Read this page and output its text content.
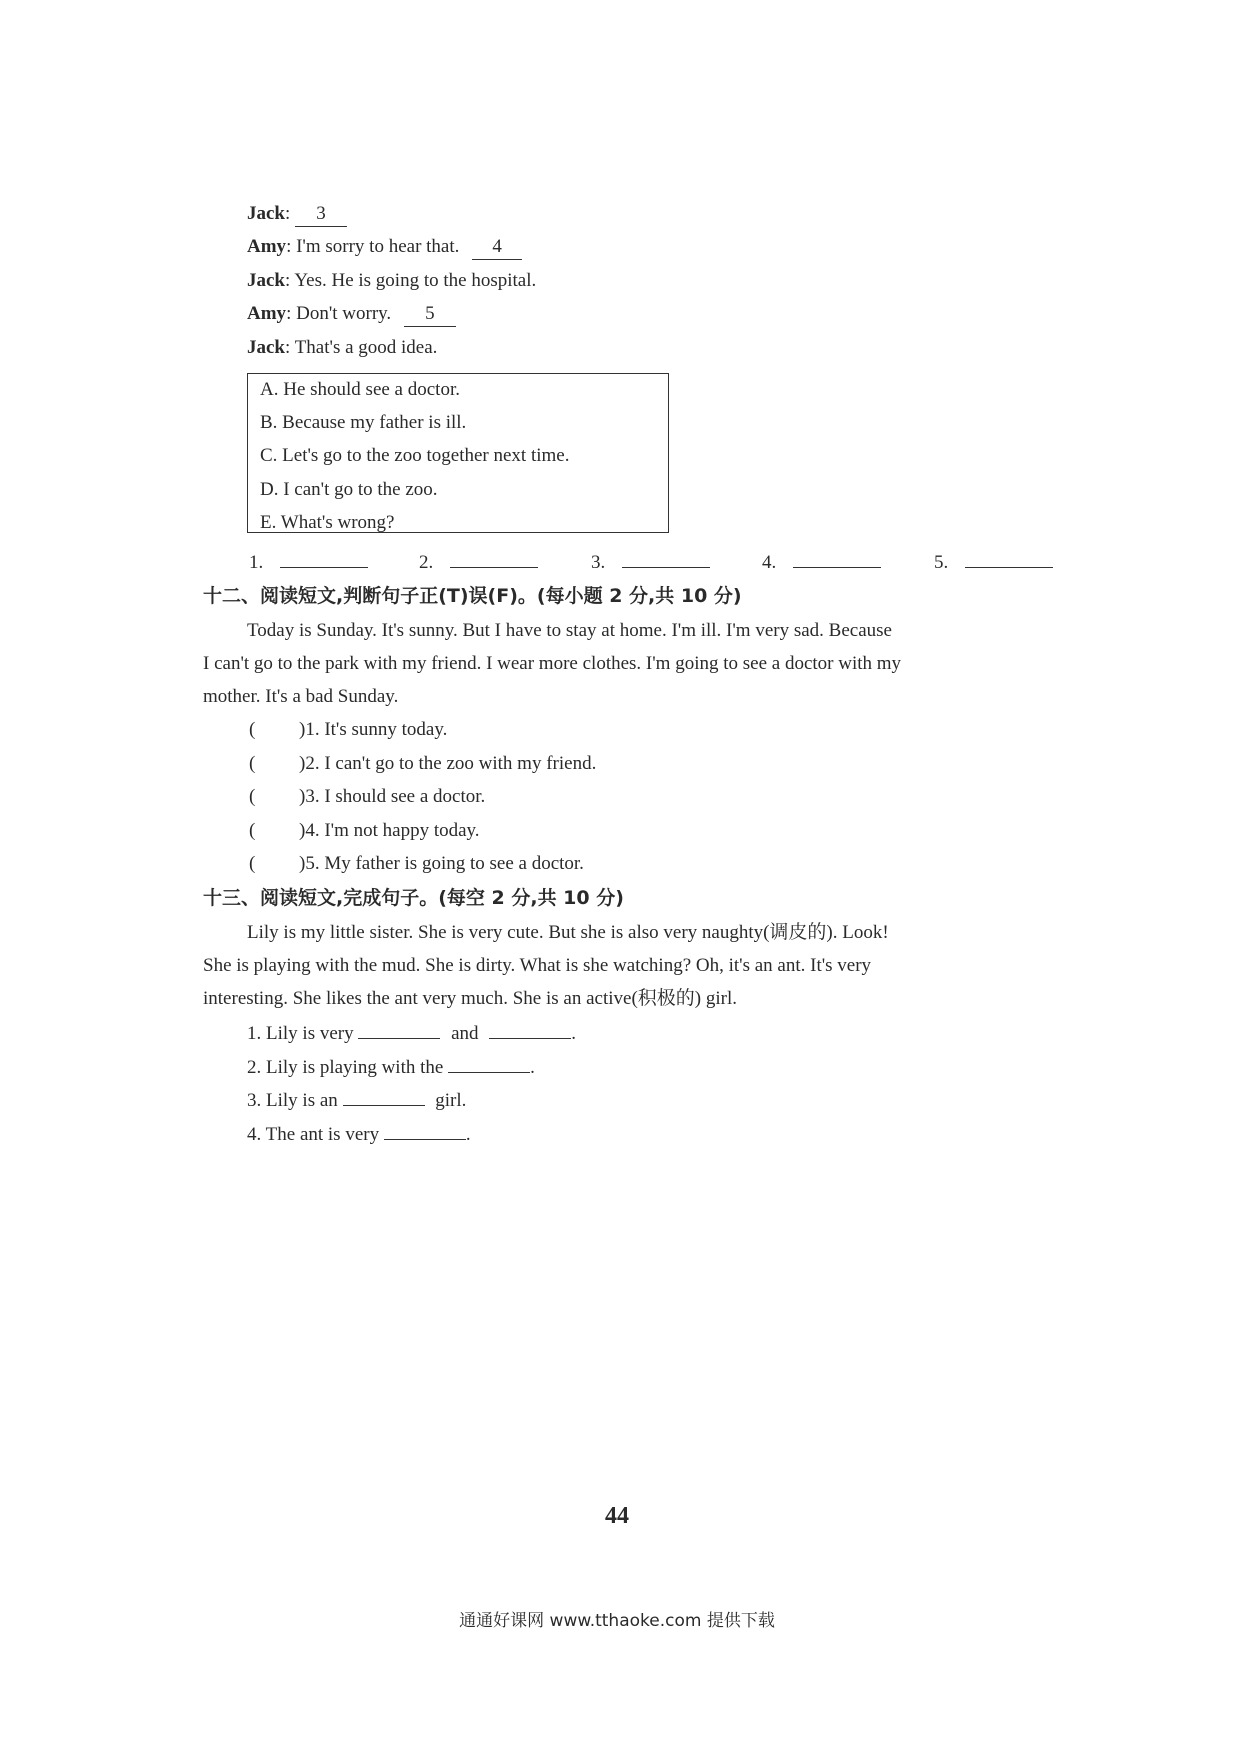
Jack: 3
Amy: I'm sorry to hear that. 4
Jack: Yes. He is going to the hospital.
Amy: Don't worry. 5
Jack: That's a good idea.
A. He should see a doctor.
B. Because my father is ill.
C. Let's go to the zoo together next time.
D. I can't go to the zoo.
E. What's wrong?
1.	2.	3.	4.	5.
十二、阅读短文,判断句子正(T)误(F)。(每小题 2 分,共 10 分)
Today is Sunday. It's sunny. But I have to stay at home. I'm ill. I'm very sad. Because
I can't go to the park with my friend. I wear more clothes. I'm going to see a doctor with my
mother. It's a bad Sunday.
( )1. It's sunny today.
( )2. I can't go to the zoo with my friend.
( )3. I should see a doctor.
( )4. I'm not happy today.
( )5. My father is going to see a doctor.
十三、阅读短文,完成句子。(每空 2 分,共 10 分)
Lily is my little sister. She is very cute. But she is also very naughty(调皮的). Look!
She is playing with the mud. She is dirty. What is she watching? Oh, it's an ant. It's very
interesting. She likes the ant very much. She is an active(积极的) girl.
1. Lily is very	and	.
2. Lily is playing with the	.
3. Lily is an	girl.
4. The ant is very	.
44
通通好课网 www.tthaoke.com 提供下载
